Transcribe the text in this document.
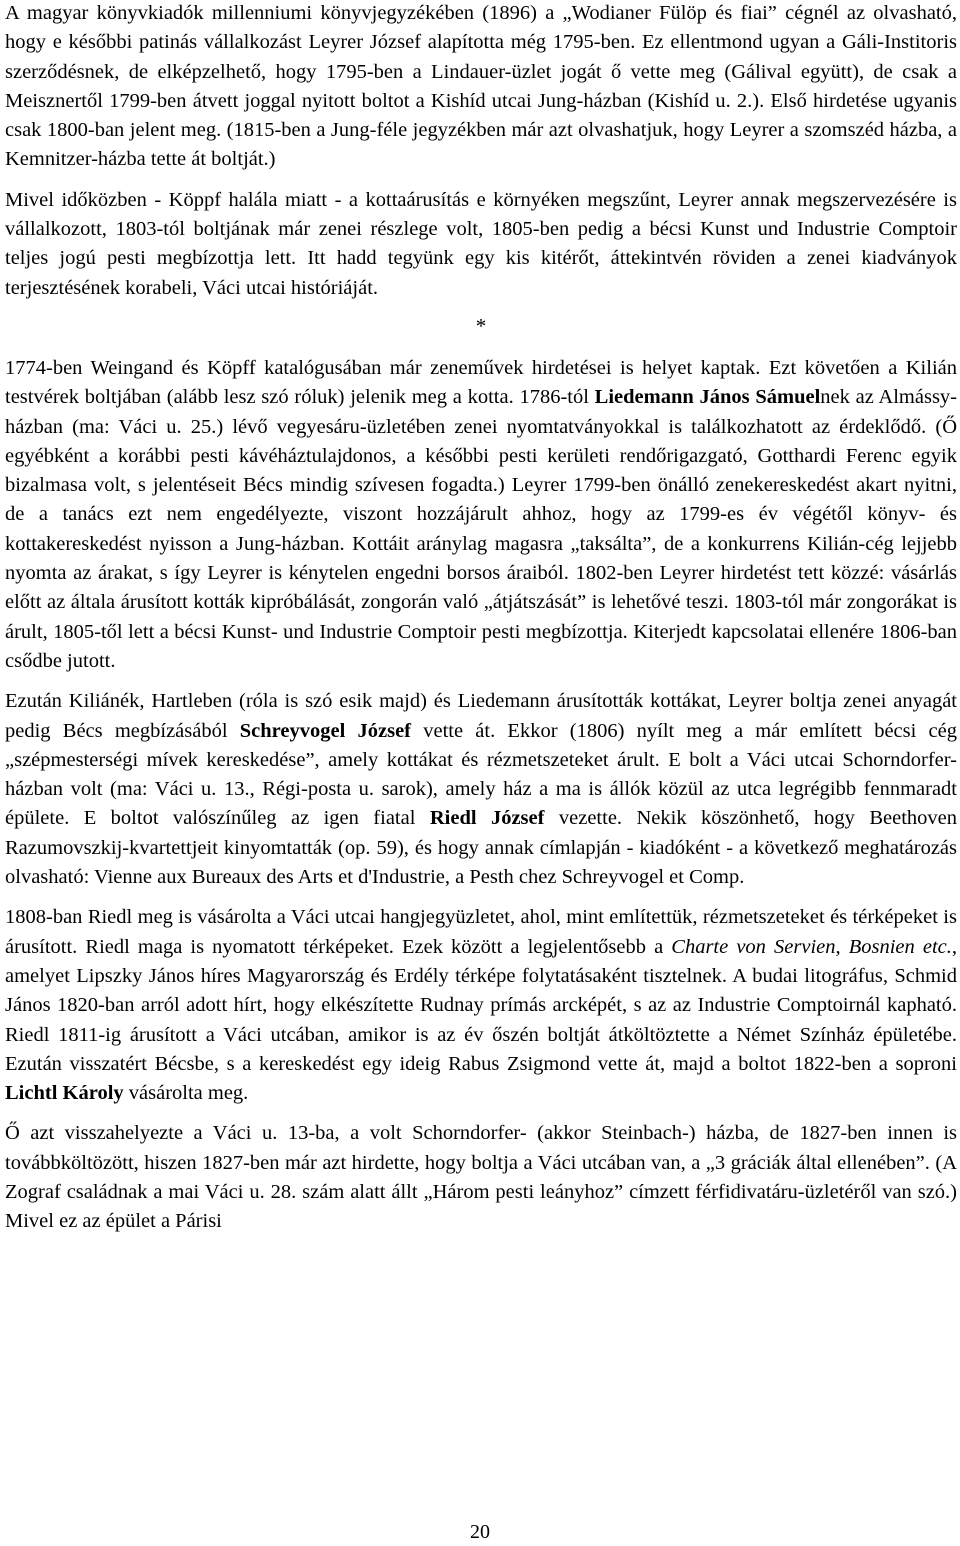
A magyar könyvkiadók millenniumi könyvjegyzékében (1896) a „Wodianer Fülöp és fiai” cégnél az olvasható, hogy e későbbi patinás vállalkozást Leyrer József alapította még 1795-ben. Ez ellentmond ugyan a Gáli-Institoris szerződésnek, de elképzelhető, hogy 1795-ben a Lindauer-üzlet jogát ő vette meg (Gálival együtt), de csak a Meisznertől 1799-ben átvett joggal nyitott boltot a Kishíd utcai Jung-házban (Kishíd u. 2.). Első hirdetése ugyanis csak 1800-ban jelent meg. (1815-ben a Jung-féle jegyzékben már azt olvashatjuk, hogy Leyrer a szomszéd házba, a Kemnitzer-házba tette át boltját.)

Mivel időközben - Köppf halála miatt - a kottaárusítás e környéken megszűnt, Leyrer annak megszervezésére is vállalkozott, 1803-tól boltjának már zenei részlege volt, 1805-ben pedig a bécsi Kunst und Industrie Comptoir teljes jogú pesti megbízottja lett. Itt hadd tegyünk egy kis kitérőt, áttekintvén röviden a zenei kiadványok terjesztésének korabeli, Váci utcai históriáját.

*

1774-ben Weingand és Köpff katalógusában már zeneművek hirdetései is helyet kaptak. Ezt követően a Kilián testvérek boltjában (alább lesz szó róluk) jelenik meg a kotta. 1786-tól Liedemann János Sámuelnek az Almássy-házban (ma: Váci u. 25.) lévő vegyesáru-üzletében zenei nyomtatványokkal is találkozhatott az érdeklődő. (Ő egyébként a korábbi pesti kávéháztulajdonos, a későbbi pesti kerületi rendőrigazgató, Gotthardi Ferenc egyik bizalmasa volt, s jelentéseit Bécs mindig szívesen fogadta.) Leyrer 1799-ben önálló zenekereskedést akart nyitni, de a tanács ezt nem engedélyezte, viszont hozzájárult ahhoz, hogy az 1799-es év végétől könyv- és kottakereskedést nyisson a Jung-házban. Kottáit aránylag magasra „taksálta”, de a konkurrens Kilián-cég lejjebb nyomta az árakat, s így Leyrer is kénytelen engedni borsos áraiból. 1802-ben Leyrer hirdetést tett közzé: vásárlás előtt az általa árusított kották kipróbálását, zongorán való „átjátszását” is lehetővé teszi. 1803-tól már zongorákat is árult, 1805-től lett a bécsi Kunst- und Industrie Comptoir pesti megbízottja. Kiterjedt kapcsolatai ellenére 1806-ban csődbe jutott.

Ezután Kiliánék, Hartleben (róla is szó esik majd) és Liedemann árusították kottákat, Leyrer boltja zenei anyagát pedig Bécs megbízásából Schreyvogel József vette át. Ekkor (1806) nyílt meg a már említett bécsi cég „szépmesterségi mívek kereskedése”, amely kottákat és rézmetszeteket árult. E bolt a Váci utcai Schorndorfer-házban volt (ma: Váci u. 13., Régi-posta u. sarok), amely ház a ma is állók közül az utca legrégibb fennmaradt épülete. E boltot valószínűleg az igen fiatal Riedl József vezette. Nekik köszönhető, hogy Beethoven Razumovszkij-kvartettjeit kinyomtatták (op. 59), és hogy annak címlapján - kiadóként - a következő meghatározás olvasható: Vienne aux Bureaux des Arts et d'Industrie, a Pesth chez Schreyvogel et Comp.

1808-ban Riedl meg is vásárolta a Váci utcai hangjegyüzletet, ahol, mint említettük, rézmetszeteket és térképeket is árusított. Riedl maga is nyomatott térképeket. Ezek között a legjelentősebb a Charte von Servien, Bosnien etc., amelyet Lipszky János híres Magyarország és Erdély térképe folytatásaként tisztelnek. A budai litográfus, Schmid János 1820-ban arról adott hírt, hogy elkészítette Rudnay prímás arcképét, s az az Industrie Comptoirnál kapható. Riedl 1811-ig árusított a Váci utcában, amikor is az év őszén boltját átköltöztette a Német Színház épületébe. Ezután visszatért Bécsbe, s a kereskedést egy ideig Rabus Zsigmond vette át, majd a boltot 1822-ben a soproni Lichtl Károly vásárolta meg.

Ő azt visszahelyezte a Váci u. 13-ba, a volt Schorndorfer- (akkor Steinbach-) házba, de 1827-ben innen is továbbköltözött, hiszen 1827-ben már azt hirdette, hogy boltja a Váci utcában van, a „3 gráciák által ellenében”. (A Zograf családnak a mai Váci u. 28. szám alatt állt „Három pesti leányhoz” címzett férfidivatáru-üzletéről van szó.) Mivel ez az épület a Párisi

20
